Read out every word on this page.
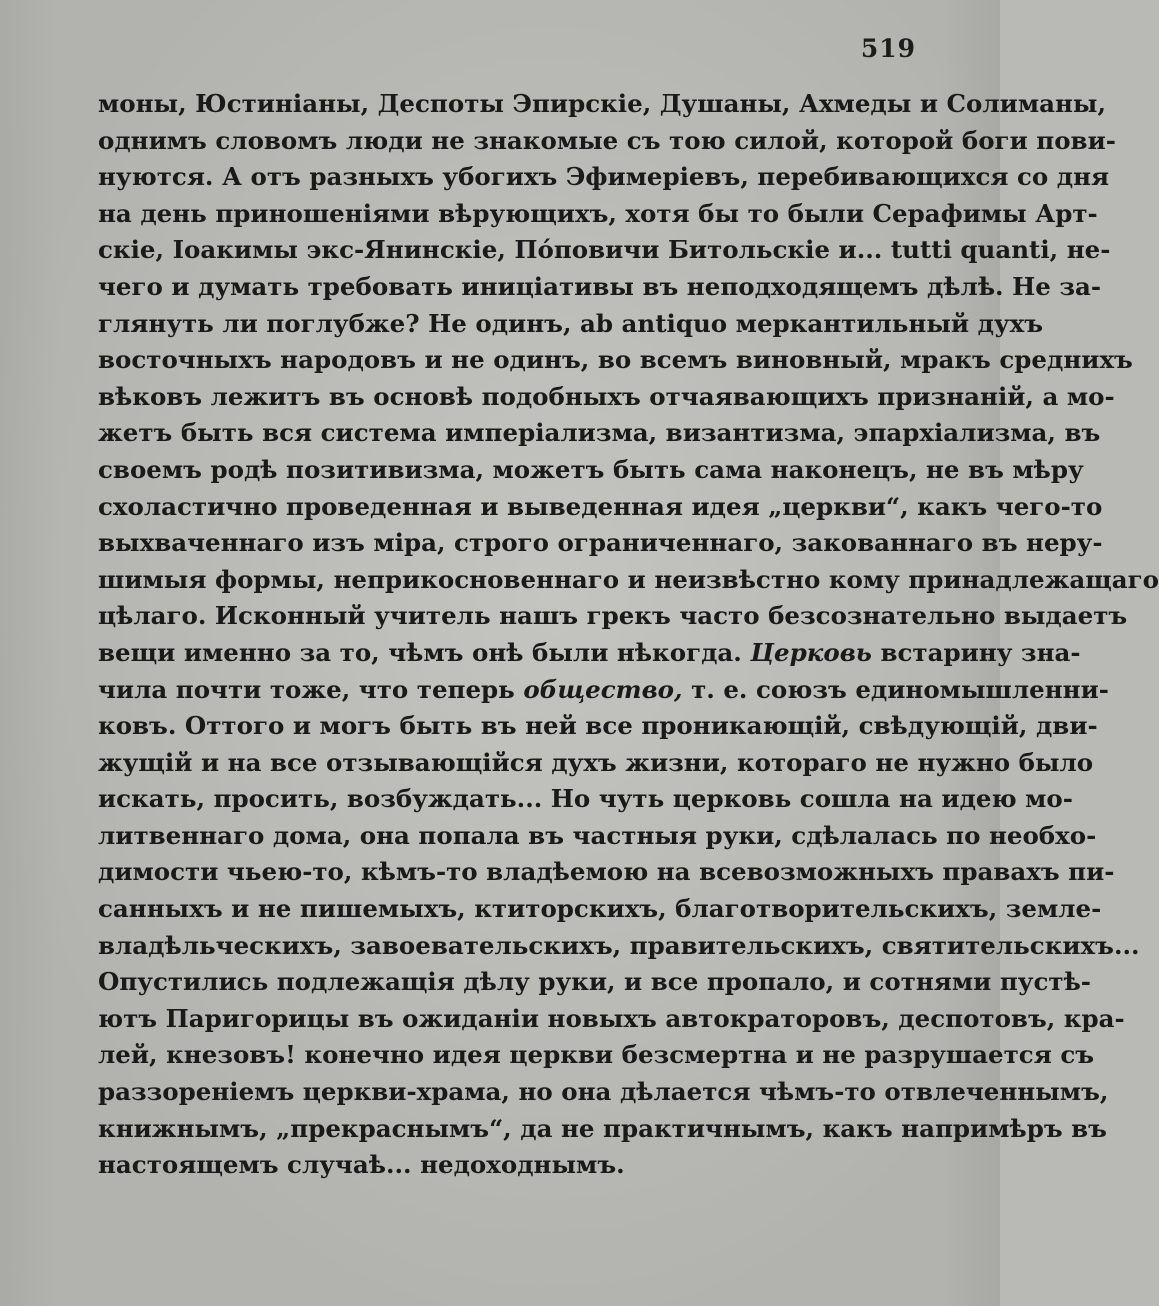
519
моны, Юстиніаны, Деспоты Эпирскіе, Душаны, Ахмеды и Солиманы,
однимъ словомъ люди не знакомые съ тою силой, которой боги пови-
нуются. А отъ разныхъ убогихъ Эфимеріевъ, перебивающихся со дня
на день приношеніями вѣрующихъ, хотя бы то были Серафимы Арт-
скіе, Іоакимы экс-Янинскіе, Пóповичи Битольскіе и... tutti quanti, не-
чего и думать требовать иниціативы въ неподходящемъ дѣлѣ. Не за-
глянуть ли поглубже? Не одинъ, ab antiquo меркантильный духъ
восточныхъ народовъ и не одинъ, во всемъ виновный, мракъ среднихъ
вѣковъ лежитъ въ основѣ подобныхъ отчаявающихъ признаній, а мо-
жетъ быть вся система имперіализма, византизма, эпархіализма, въ
своемъ родѣ позитивизма, можетъ быть сама наконецъ, не въ мѣру
схоластично проведенная и выведенная идея „церкви“, какъ чего-то
выхваченнаго изъ міра, строго ограниченнаго, закованнаго въ неру-
шимыя формы, неприкосновеннаго и неизвѣстно кому принадлежащаго
цѣлаго. Исконный учитель нашъ грекъ часто безсознательно выдаетъ
вещи именно за то, чѣмъ онѣ были нѣкогда. Церковь встарину зна-
чила почти тоже, что теперь общество, т. е. союзъ единомышленни-
ковъ. Оттого и могъ быть въ ней все проникающій, свѣдующій, дви-
жущій и на все отзывающійся духъ жизни, котораго не нужно было
искать, просить, возбуждать... Но чуть церковь сошла на идею мо-
литвеннаго дома, она попала въ частныя руки, сдѣлалась по необхо-
димости чьею-то, кѣмъ-то владѣемою на всевозможныхъ правахъ пи-
санныхъ и не пишемыхъ, ктиторскихъ, благотворительскихъ, земле-
владѣльческихъ, завоевательскихъ, правительскихъ, святительскихъ...
Опустились подлежащія дѣлу руки, и все пропало, и сотнями пустѣ-
ютъ Паригорицы въ ожиданіи новыхъ автократоровъ, деспотовъ, кра-
лей, кнезовъ! конечно идея церкви безсмертна и не разрушается съ
раззореніемъ церкви-храма, но она дѣлается чѣмъ-то отвлеченнымъ,
книжнымъ, „прекраснымъ“, да не практичнымъ, какъ напримѣръ въ
настоящемъ случаѣ... недоходнымъ.
